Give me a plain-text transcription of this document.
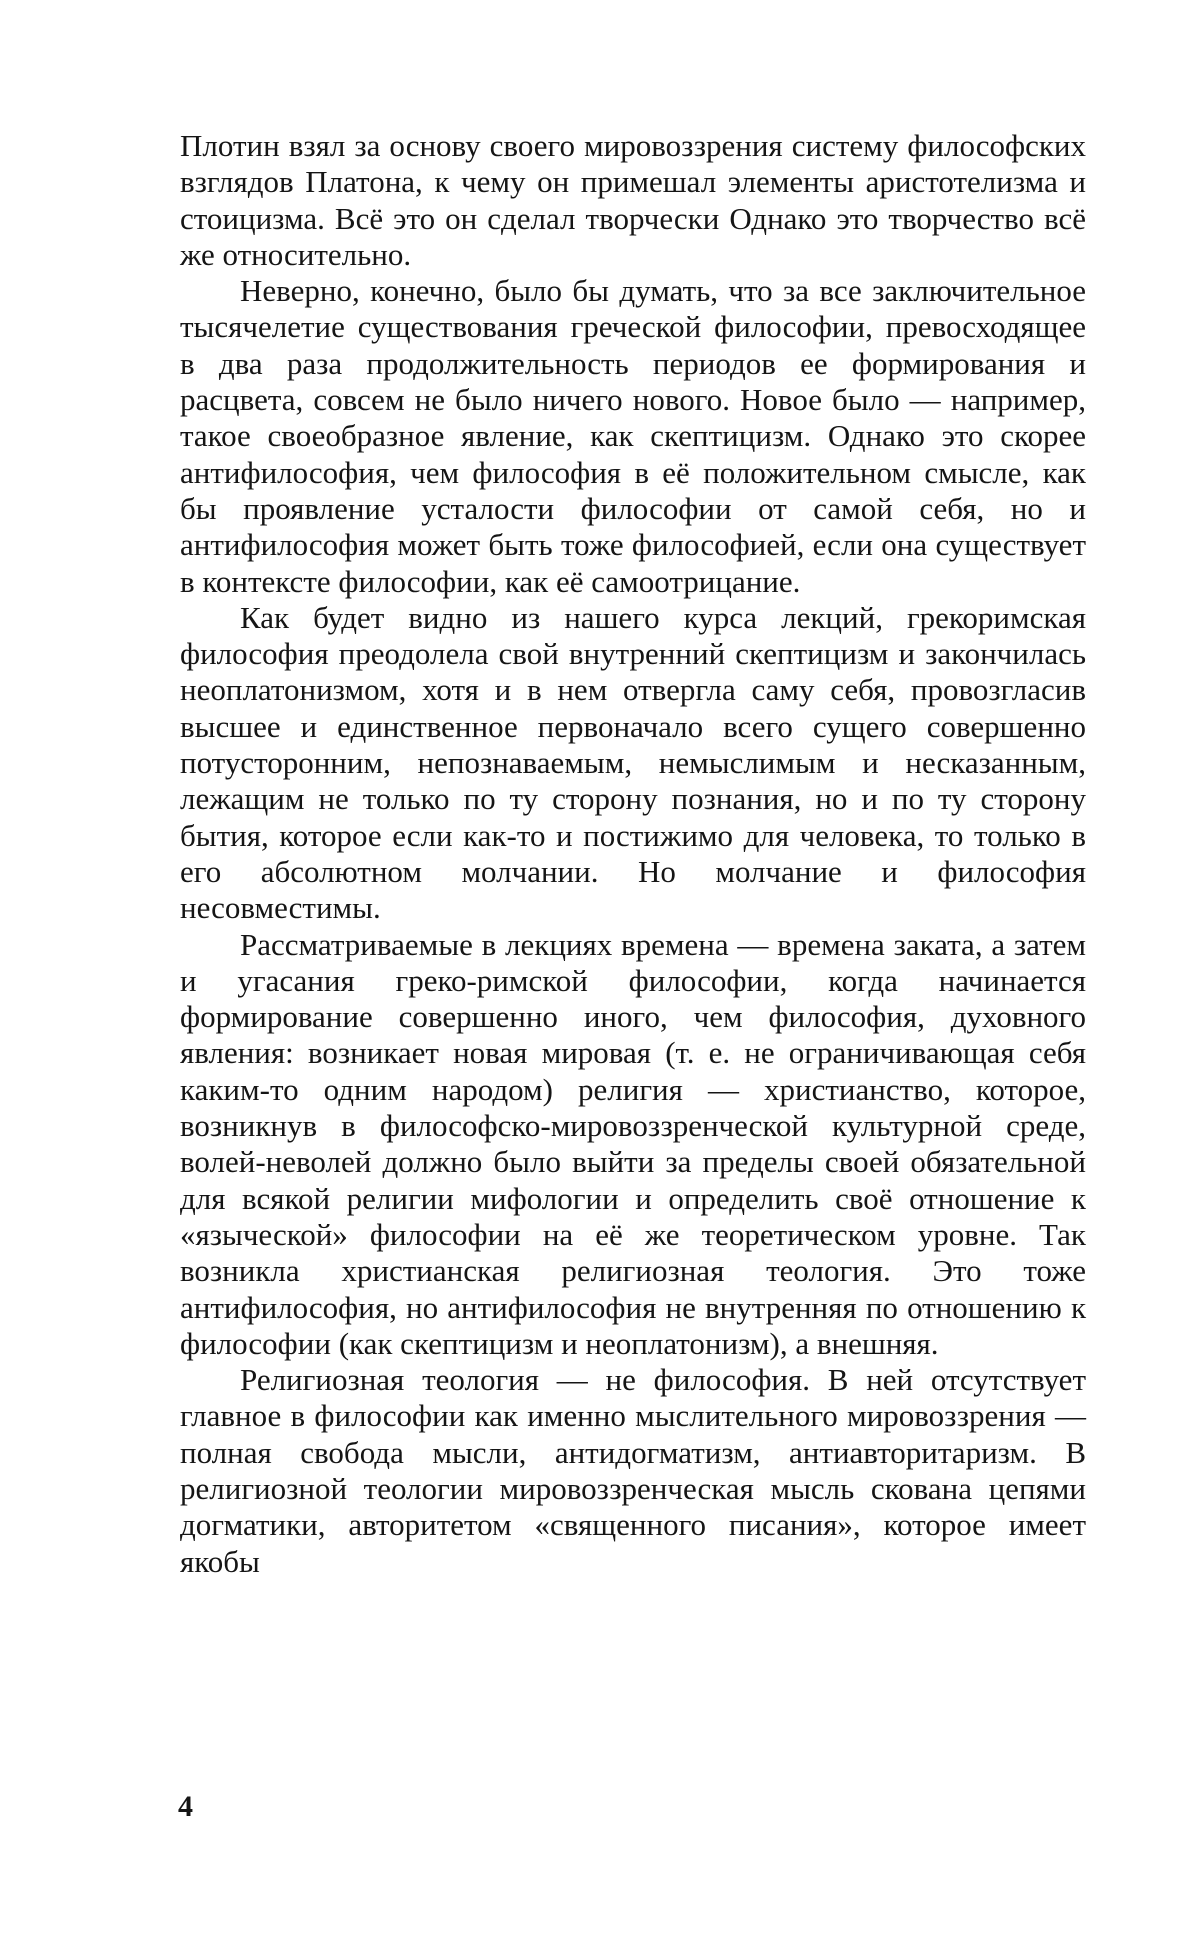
Плотин взял за основу своего мировоззрения систему философских взглядов Платона, к чему он примешал элементы аристотелизма и стоицизма. Всё это он сделал творчески Однако это творчество всё же относительно.

Неверно, конечно, было бы думать, что за все заключительное тысячелетие существования греческой философии, превосходящее в два раза продолжительность периодов ее формирования и расцвета, совсем не было ничего нового. Новое было — например, такое своеобразное явление, как скептицизм. Однако это скорее антифилософия, чем философия в её положительном смысле, как бы проявление усталости философии от самой себя, но и антифилософия может быть тоже философией, если она существует в контексте философии, как её самоотрицание.

Как будет видно из нашего курса лекций, грекоримская философия преодолела свой внутренний скептицизм и закончилась неоплатонизмом, хотя и в нем отвергла саму себя, провозгласив высшее и единственное первоначало всего сущего совершенно потусторонним, непознаваемым, немыслимым и несказанным, лежащим не только по ту сторону познания, но и по ту сторону бытия, которое если как-то и постижимо для человека, то только в его абсолютном молчании. Но молчание и философия несовместимы.

Рассматриваемые в лекциях времена — времена заката, а затем и угасания греко-римской философии, когда начинается формирование совершенно иного, чем философия, духовного явления: возникает новая мировая (т. е. не ограничивающая себя каким-то одним народом) религия — христианство, которое, возникнув в философско-мировоззренческой культурной среде, волей-неволей должно было выйти за пределы своей обязательной для всякой религии мифологии и определить своё отношение к «языческой» философии на её же теоретическом уровне. Так возникла христианская религиозная теология. Это тоже антифилософия, но антифилософия не внутренняя по отношению к философии (как скептицизм и неоплатонизм), а внешняя.

Религиозная теология — не философия. В ней отсутствует главное в философии как именно мыслительного мировоззрения — полная свобода мысли, антидогматизм, антиавторитаризм. В религиозной теологии мировоззренческая мысль скована цепями догматики, авторитетом «священного писания», которое имеет якобы

4
